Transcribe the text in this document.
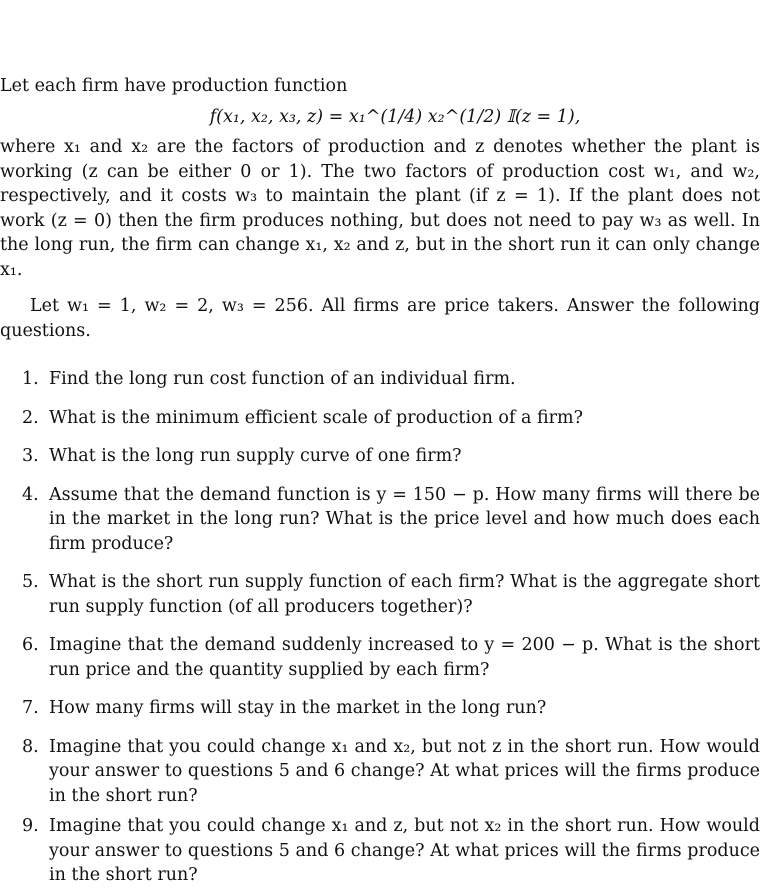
Let each firm have production function

f(x₁, x₂, x₃, z) = x₁^(1/4) x₂^(1/2) 𝕀(z = 1),

where x₁ and x₂ are the factors of production and z denotes whether the plant is working (z can be either 0 or 1). The two factors of production cost w₁, and w₂, respectively, and it costs w₃ to maintain the plant (if z = 1). If the plant does not work (z = 0) then the firm produces nothing, but does not need to pay w₃ as well. In the long run, the firm can change x₁, x₂ and z, but in the short run it can only change x₁.

Let w₁ = 1, w₂ = 2, w₃ = 256. All firms are price takers. Answer the following questions.

1. Find the long run cost function of an individual firm.
2. What is the minimum efficient scale of production of a firm?
3. What is the long run supply curve of one firm?
4. Assume that the demand function is y = 150 − p. How many firms will there be in the market in the long run? What is the price level and how much does each firm produce?
5. What is the short run supply function of each firm? What is the aggregate short run supply function (of all producers together)?
6. Imagine that the demand suddenly increased to y = 200 − p. What is the short run price and the quantity supplied by each firm?
7. How many firms will stay in the market in the long run?
8. Imagine that you could change x₁ and x₂, but not z in the short run. How would your answer to questions 5 and 6 change? At what prices will the firms produce in the short run?
9. Imagine that you could change x₁ and z, but not x₂ in the short run. How would your answer to questions 5 and 6 change? At what prices will the firms produce in the short run?
